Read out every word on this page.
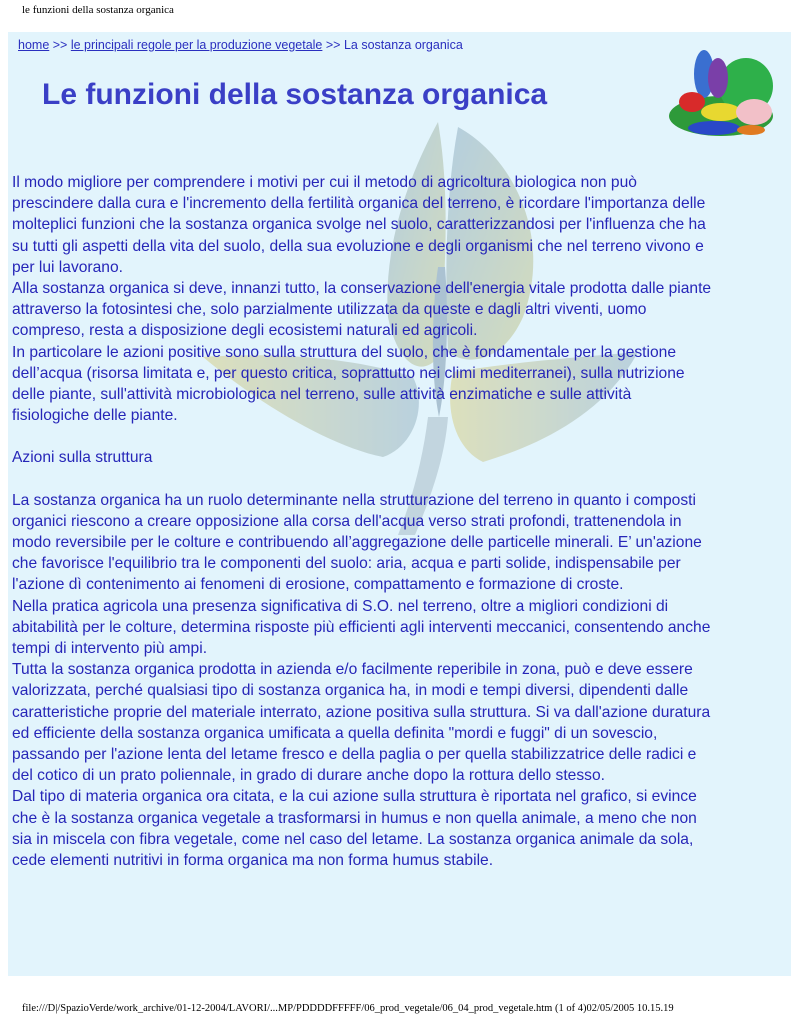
le funzioni della sostanza organica
home >> le principali regole per la produzione vegetale >> La sostanza organica
Le funzioni della sostanza organica

Il modo migliore per comprendere i motivi per cui il metodo di agricoltura biologica non può prescindere dalla cura e l'incremento della fertilità organica del terreno, è ricordare l'importanza delle molteplici funzioni che la sostanza organica svolge nel suolo, caratterizzandosi per l'influenza che ha su tutti gli aspetti della vita del suolo, della sua evoluzione e degli organismi che nel terreno vivono e per lui lavorano.

Alla sostanza organica si deve, innanzi tutto, la conservazione dell'energia vitale prodotta dalle piante attraverso la fotosintesi che, solo parzialmente utilizzata da queste e dagli altri viventi, uomo compreso, resta a disposizione degli ecosistemi naturali ed agricoli.

In particolare le azioni positive sono sulla struttura del suolo, che è fondamentale per la gestione dell’acqua (risorsa limitata e, per questo critica, soprattutto nei climi mediterranei), sulla nutrizione delle piante, sull'attività microbiologica nel terreno, sulle attività enzimatiche e sulle attività fisiologiche delle piante.

Azioni sulla struttura

La sostanza organica ha un ruolo determinante nella strutturazione del terreno in quanto i composti organici riescono a creare opposizione alla corsa dell'acqua verso strati profondi, trattenendola in modo reversibile per le colture e contribuendo all’aggregazione delle particelle minerali. E’ un'azione che favorisce l'equilibrio tra le componenti del suolo: aria, acqua e parti solide, indispensabile per l'azione dì contenimento ai fenomeni di erosione, compattamento e formazione di croste.

Nella pratica agricola una presenza significativa di S.O. nel terreno, oltre a migliori condizioni di abitabilità per le colture, determina risposte più efficienti agli interventi meccanici, consentendo anche tempi di intervento più ampi.

Tutta la sostanza organica prodotta in azienda e/o facilmente reperibile in zona, può e deve essere valorizzata, perché qualsiasi tipo di sostanza organica ha, in modi e tempi diversi, dipendenti dalle caratteristiche proprie del materiale interrato, azione positiva sulla struttura. Si va dall'azione duratura ed efficiente della sostanza organica umificata a quella definita "mordi e fuggi" di un sovescio, passando per l'azione lenta del letame fresco e della paglia o per quella stabilizzatrice delle radici e del cotico di un prato poliennale, in grado di durare anche dopo la rottura dello stesso.

Dal tipo di materia organica ora citata, e la cui azione sulla struttura è riportata nel grafico, si evince che è la sostanza organica vegetale a trasformarsi in humus e non quella animale, a meno che non sia in miscela con fibra vegetale, come nel caso del letame. La sostanza organica animale da sola, cede elementi nutritivi in forma organica ma non forma humus stabile.

file:///D|/SpazioVerde/work_archive/01-12-2004/LAVORI/...MP/PDDDDFFFFF/06_prod_vegetale/06_04_prod_vegetale.htm (1 of 4)02/05/2005 10.15.19
